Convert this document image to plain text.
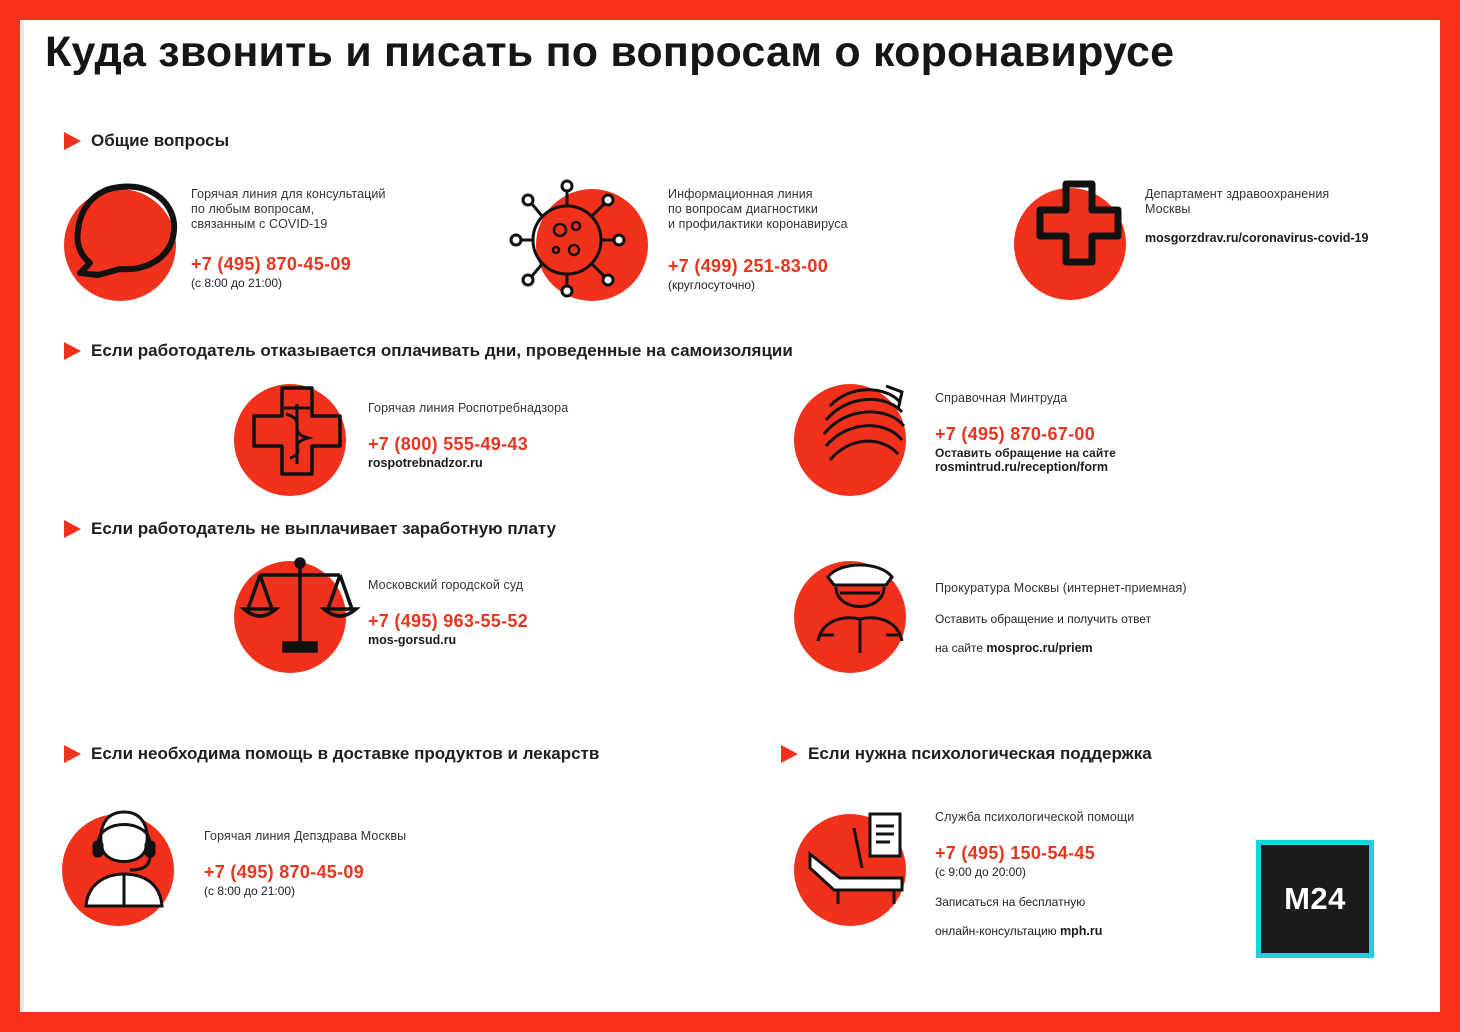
Куда звонить и писать по вопросам о коронавирусе
Общие вопросы
Если работодатель отказывается оплачивать дни, проведенные на самоизоляции
Если работодатель не выплачивает заработную плату
Если необходима помощь в доставке продуктов и лекарств	Если нужна психологическая поддержка
Горячая линия для консультаций
по любым вопросам,
связанным с COVID-19
+7 (495) 870-45-09
(с 8:00 до 21:00)
Информационная линия
по вопросам диагностики
и профилактики коронавируса
+7 (499) 251-83-00
(круглосуточно)
Департамент здравоохранения
Москвы
mosgorzdrav.ru/coronavirus-covid-19
Горячая линия Роспотребнадзора
+7 (800) 555-49-43
rospotrebnadzor.ru
Справочная Минтруда
+7 (495) 870-67-00
Оставить обращение на сайте
rosmintrud.ru/reception/form
Московский городской суд
+7 (495) 963-55-52
mos-gorsud.ru
Прокуратура Москвы (интернет-приемная)
Оставить обращение и получить ответ

на сайте mosproc.ru/priem

Горячая линия Депздрава Москвы
+7 (495) 870-45-09
(с 8:00 до 21:00)
Служба психологической помощи
+7 (495) 150-54-45
(с 9:00 до 20:00)
Записаться на бесплатную

онлайн-консультацию mph.ru

M24
